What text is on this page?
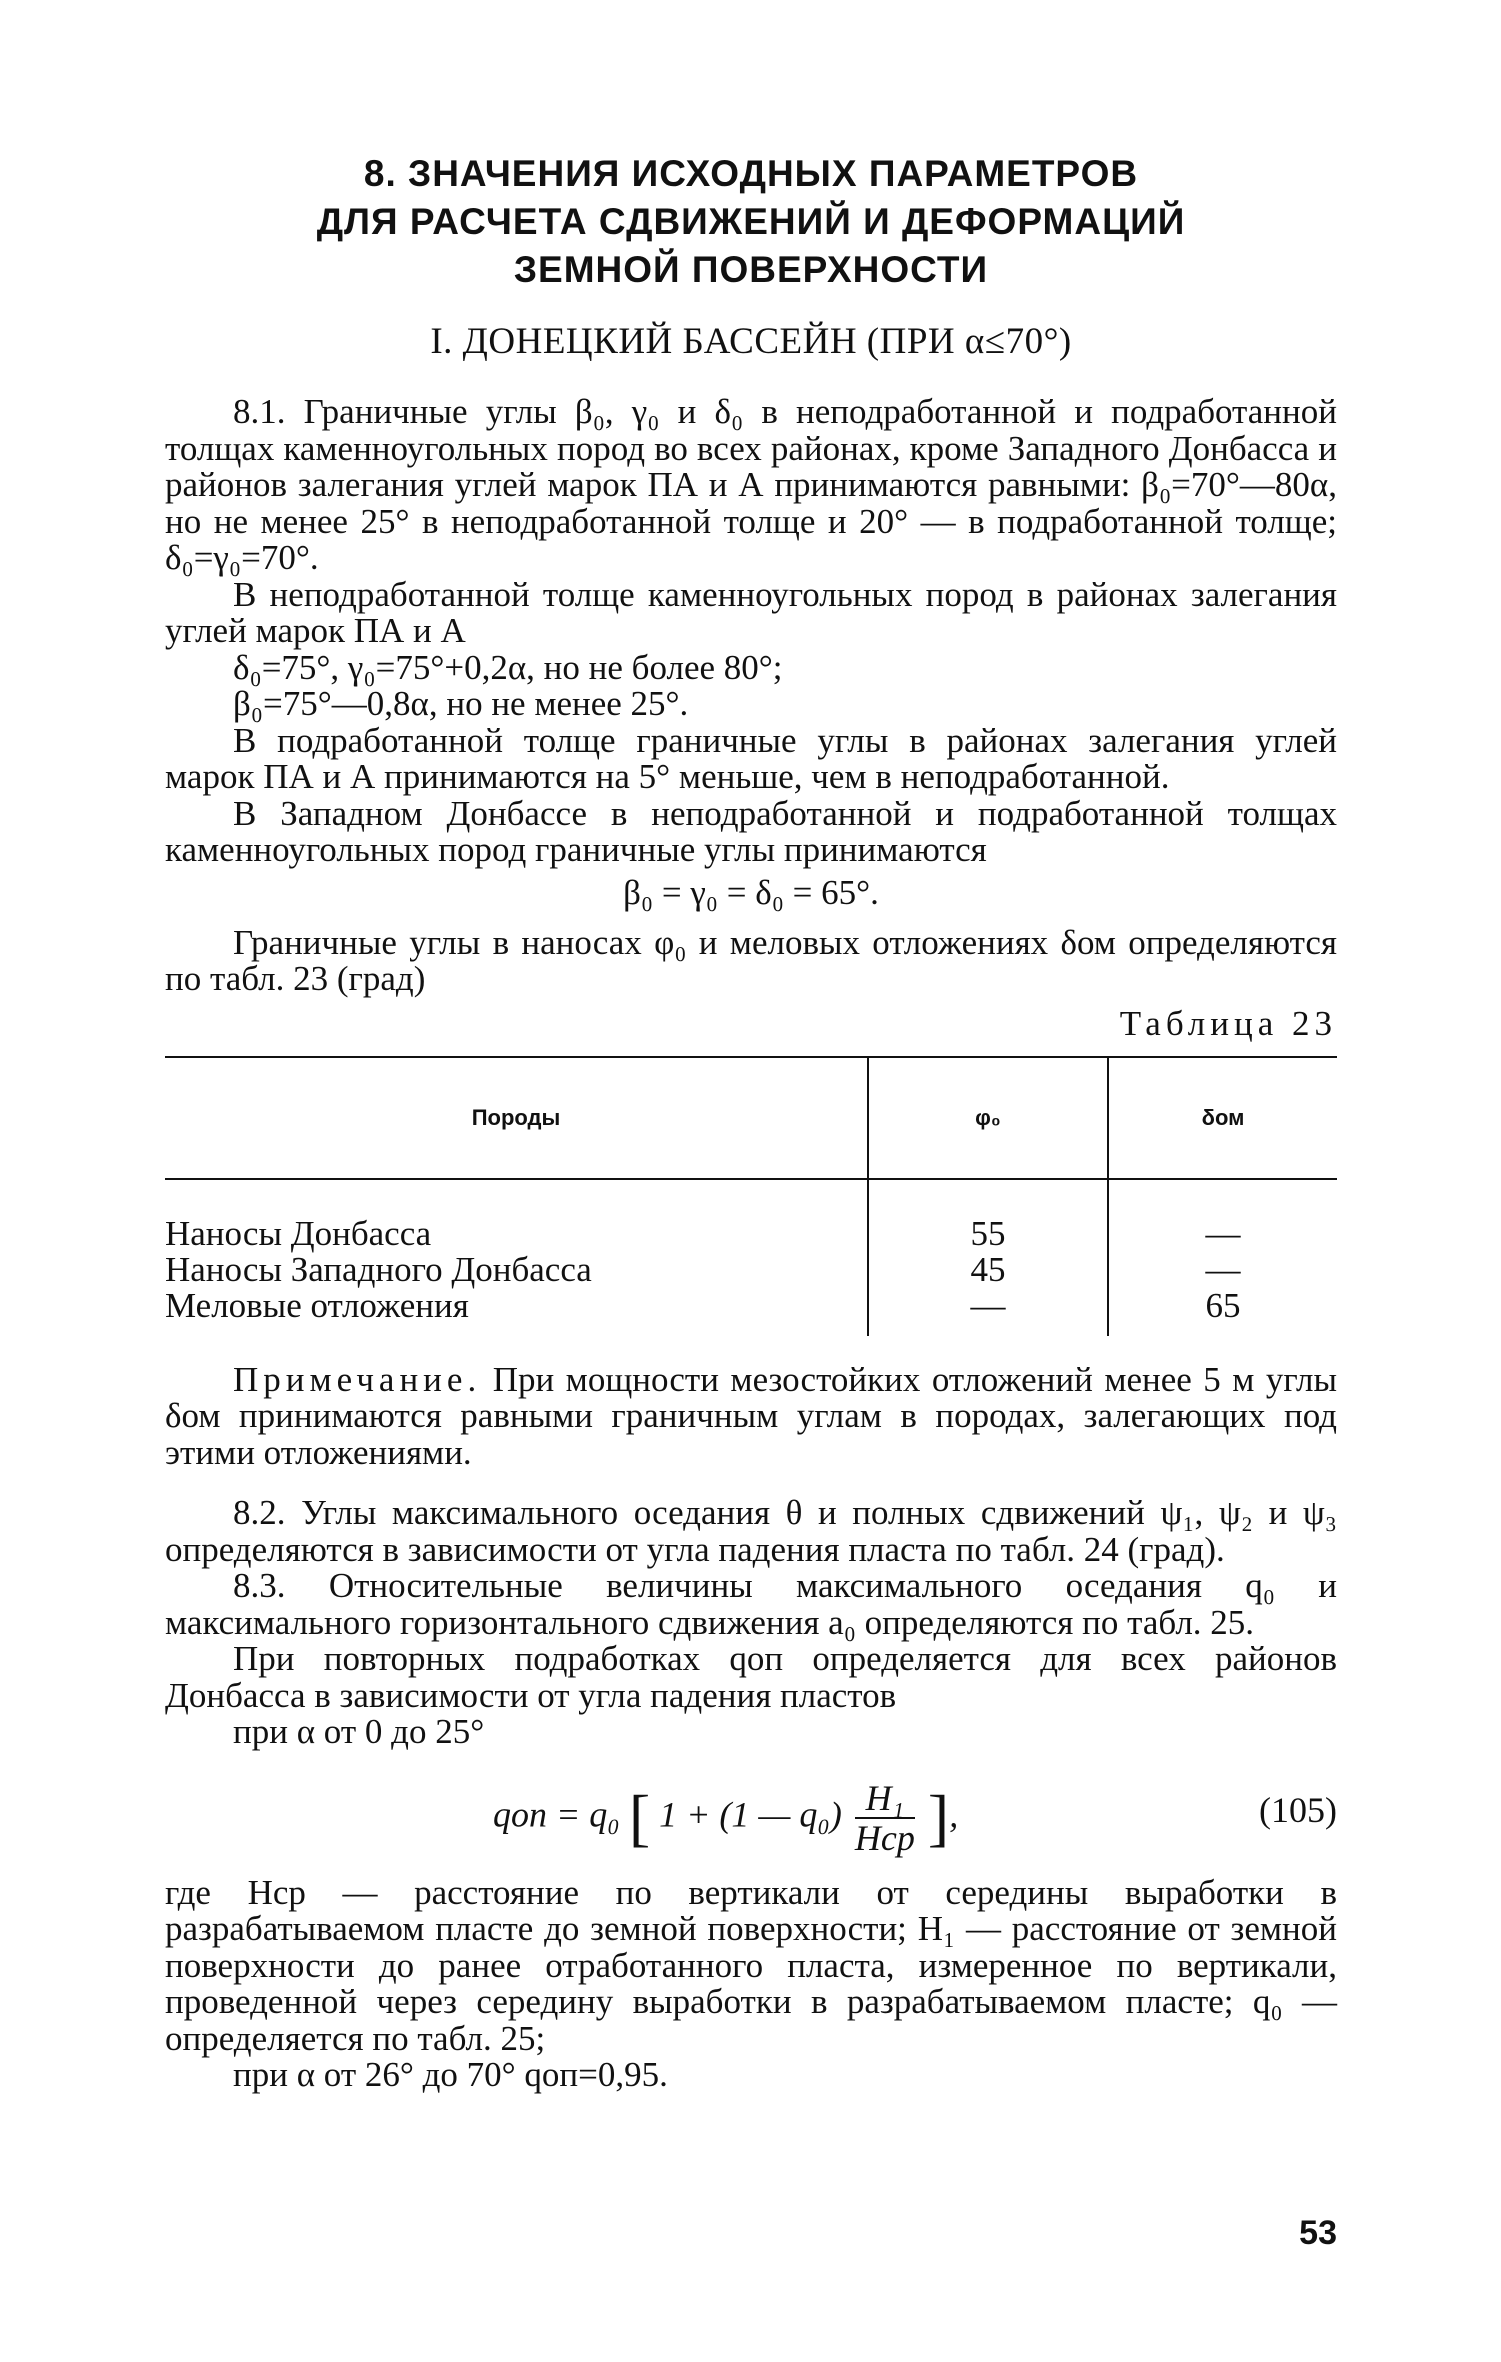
8. ЗНАЧЕНИЯ ИСХОДНЫХ ПАРАМЕТРОВ
ДЛЯ РАСЧЕТА СДВИЖЕНИЙ И ДЕФОРМАЦИЙ
ЗЕМНОЙ ПОВЕРХНОСТИ
I. ДОНЕЦКИЙ БАССЕЙН (ПРИ α≤70°)

8.1. Граничные углы β₀, γ₀ и δ₀ в неподработанной и подработанной толщах каменноугольных пород во всех районах, кроме Западного Донбасса и районов залегания углей марок ПА и А принимаются равными: β₀=70°—80α, но не менее 25° в неподработанной толще и 20° — в подработанной толще; δ₀=γ₀=70°.

В неподработанной толще каменноугольных пород в районах залегания углей марок ПА и А

δ₀=75°, γ₀=75°+0,2α, но не более 80°;
β₀=75°—0,8α, но не менее 25°.

В подработанной толще граничные углы в районах залегания углей марок ПА и А принимаются на 5° меньше, чем в неподработанной.

В Западном Донбассе в неподработанной и подработанной толщах каменноугольных пород граничные углы принимаются

β₀ = γ₀ = δ₀ = 65°.

Граничные углы в наносах φ₀ и меловых отложениях δом определяются по табл. 23 (град)

Таблица 23
Породы	φ₀	δом
Наносы Донбасса	55	—
Наносы Западного Донбасса	45	—
Меловые отложения	—	65

Примечание. При мощности мезостойких отложений менее 5 м углы δом принимаются равными граничным углам в породах, залегающих под этими отложениями.

8.2. Углы максимального оседания θ и полных сдвижений ψ₁, ψ₂ и ψ₃ определяются в зависимости от угла падения пласта по табл. 24 (град).

8.3. Относительные величины максимального оседания q₀ и максимального горизонтального сдвижения a₀ определяются по табл. 25.

При повторных подработках qоп определяется для всех районов Донбасса в зависимости от угла падения пластов

при α от 0 до 25°
qоп = q₀ [ 1 + (1 — $q_0) \frac{\text{H₁}}{\text{Hср}}$ ],	(105)

где Hср — расстояние по вертикали от середины выработки в разрабатываемом пласте до земной поверхности; H₁ — расстояние от земной поверхности до ранее отработанного пласта, измеренное по вертикали, проведенной через середину выработки в разрабатываемом пласте; q₀ — определяется по табл. 25;

при α от 26° до 70° qоп=0,95.
53
